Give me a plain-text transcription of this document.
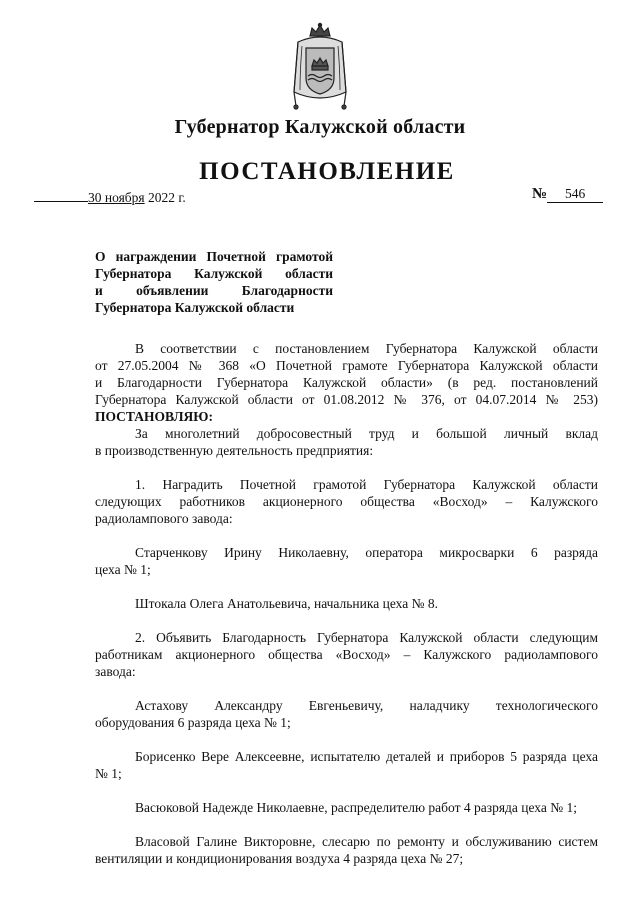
Губернатор Калужской области
ПОСТАНОВЛЕНИЕ
30 ноября 2022 г.	№ 546
О награждении Почетной грамотой
Губернатора Калужской области
и объявлении Благодарности
Губернатора Калужской области
В соответствии с постановлением Губернатора Калужской области
от 27.05.2004 № 368 «О Почетной грамоте Губернатора Калужской области
и Благодарности Губернатора Калужской области» (в ред. постановлений
Губернатора Калужской области от 01.08.2012 № 376, от 04.07.2014 № 253)
ПОСТАНОВЛЯЮ:
За многолетний добросовестный труд и большой личный вклад
в производственную деятельность предприятия:
1. Наградить Почетной грамотой Губернатора Калужской области
следующих работников акционерного общества «Восход» – Калужского
радиолампового завода:
Старченкову Ирину Николаевну, оператора микросварки 6 разряда
цеха № 1;
Штокала Олега Анатольевича, начальника цеха № 8.
2. Объявить Благодарность Губернатора Калужской области следующим
работникам акционерного общества «Восход» – Калужского радиолампового
завода:
Астахову Александру Евгеньевичу, наладчику технологического
оборудования 6 разряда цеха № 1;
Борисенко Вере Алексеевне, испытателю деталей и приборов 5 разряда цеха
№ 1;
Васюковой Надежде Николаевне, распределителю работ 4 разряда цеха № 1;
Власовой Галине Викторовне, слесарю по ремонту и обслуживанию систем
вентиляции и кондиционирования воздуха 4 разряда цеха № 27;
